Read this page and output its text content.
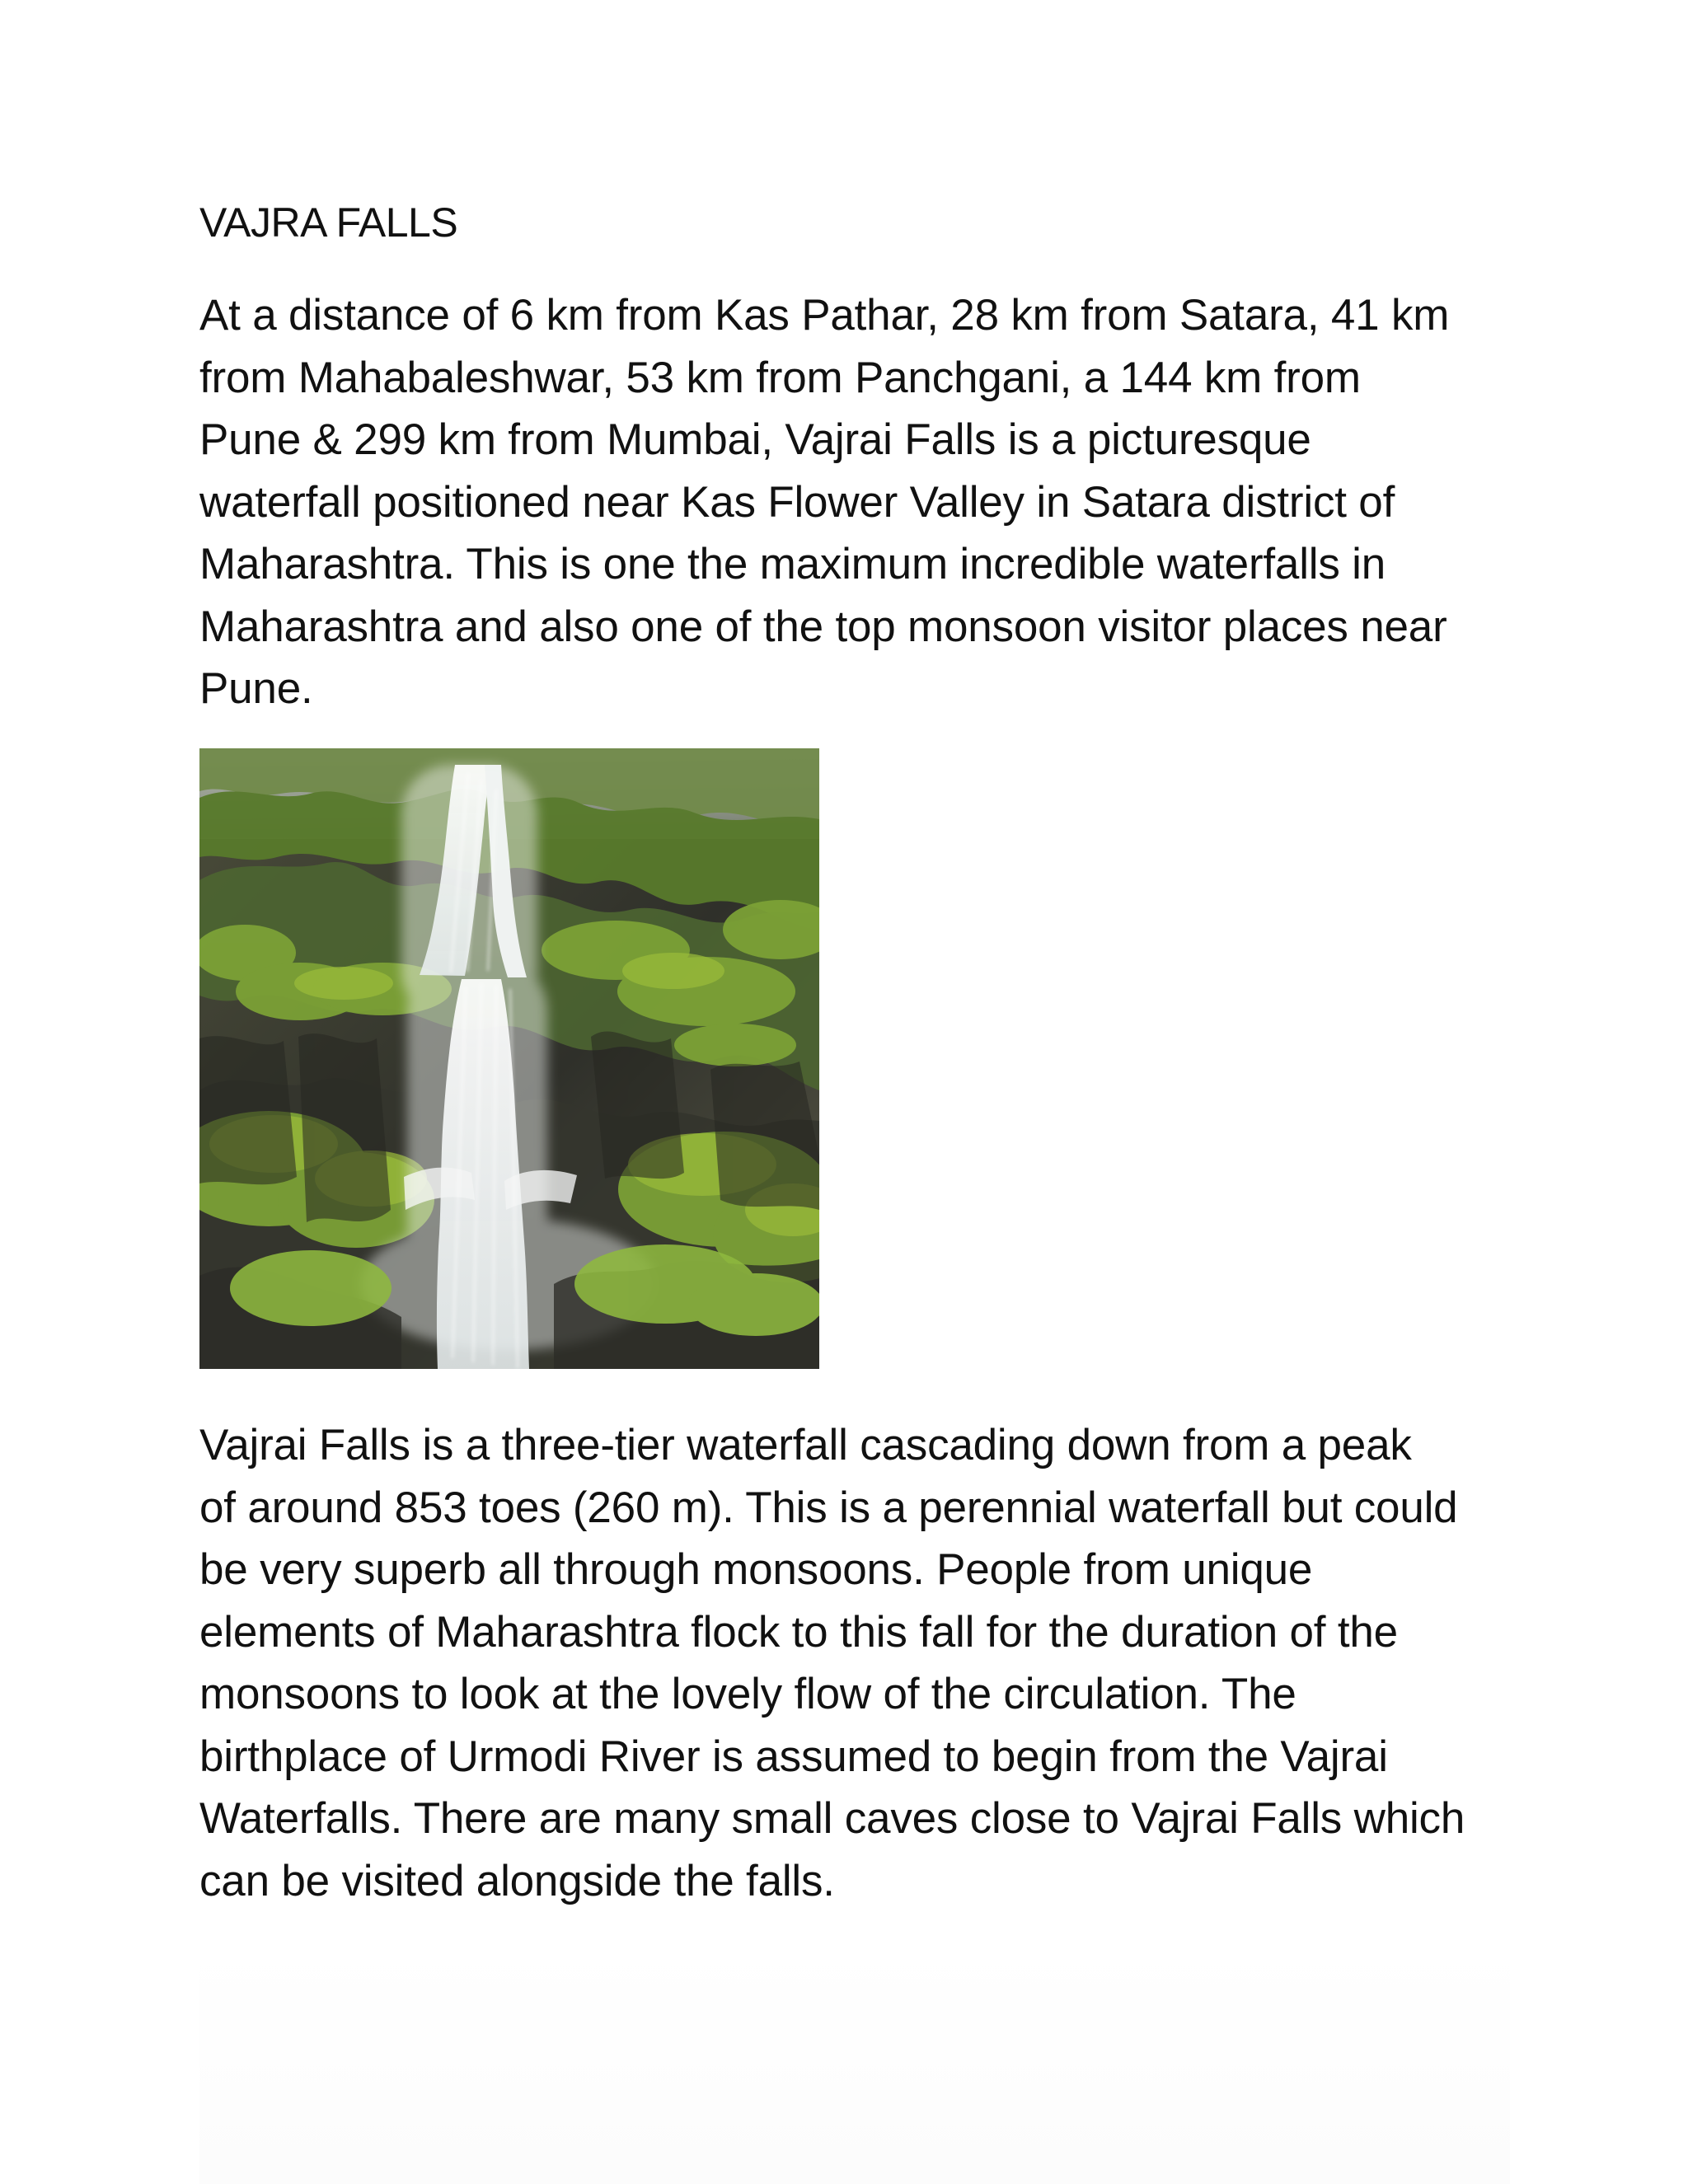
VAJRA FALLS

At a distance of 6 km from Kas Pathar, 28 km from Satara, 41 km
from Mahabaleshwar, 53 km from Panchgani, a 144 km from
Pune & 299 km from Mumbai, Vajrai Falls is a picturesque
waterfall positioned near Kas Flower Valley in Satara district of
Maharashtra. This is one the maximum incredible waterfalls in
Maharashtra and also one of the top monsoon visitor places near
Pune.

Vajrai Falls is a three-tier waterfall cascading down from a peak
of around 853 toes (260 m). This is a perennial waterfall but could
be very superb all through monsoons. People from unique
elements of Maharashtra flock to this fall for the duration of the
monsoons to look at the lovely flow of the circulation. The
birthplace of Urmodi River is assumed to begin from the Vajrai
Waterfalls. There are many small caves close to Vajrai Falls which
can be visited alongside the falls.
